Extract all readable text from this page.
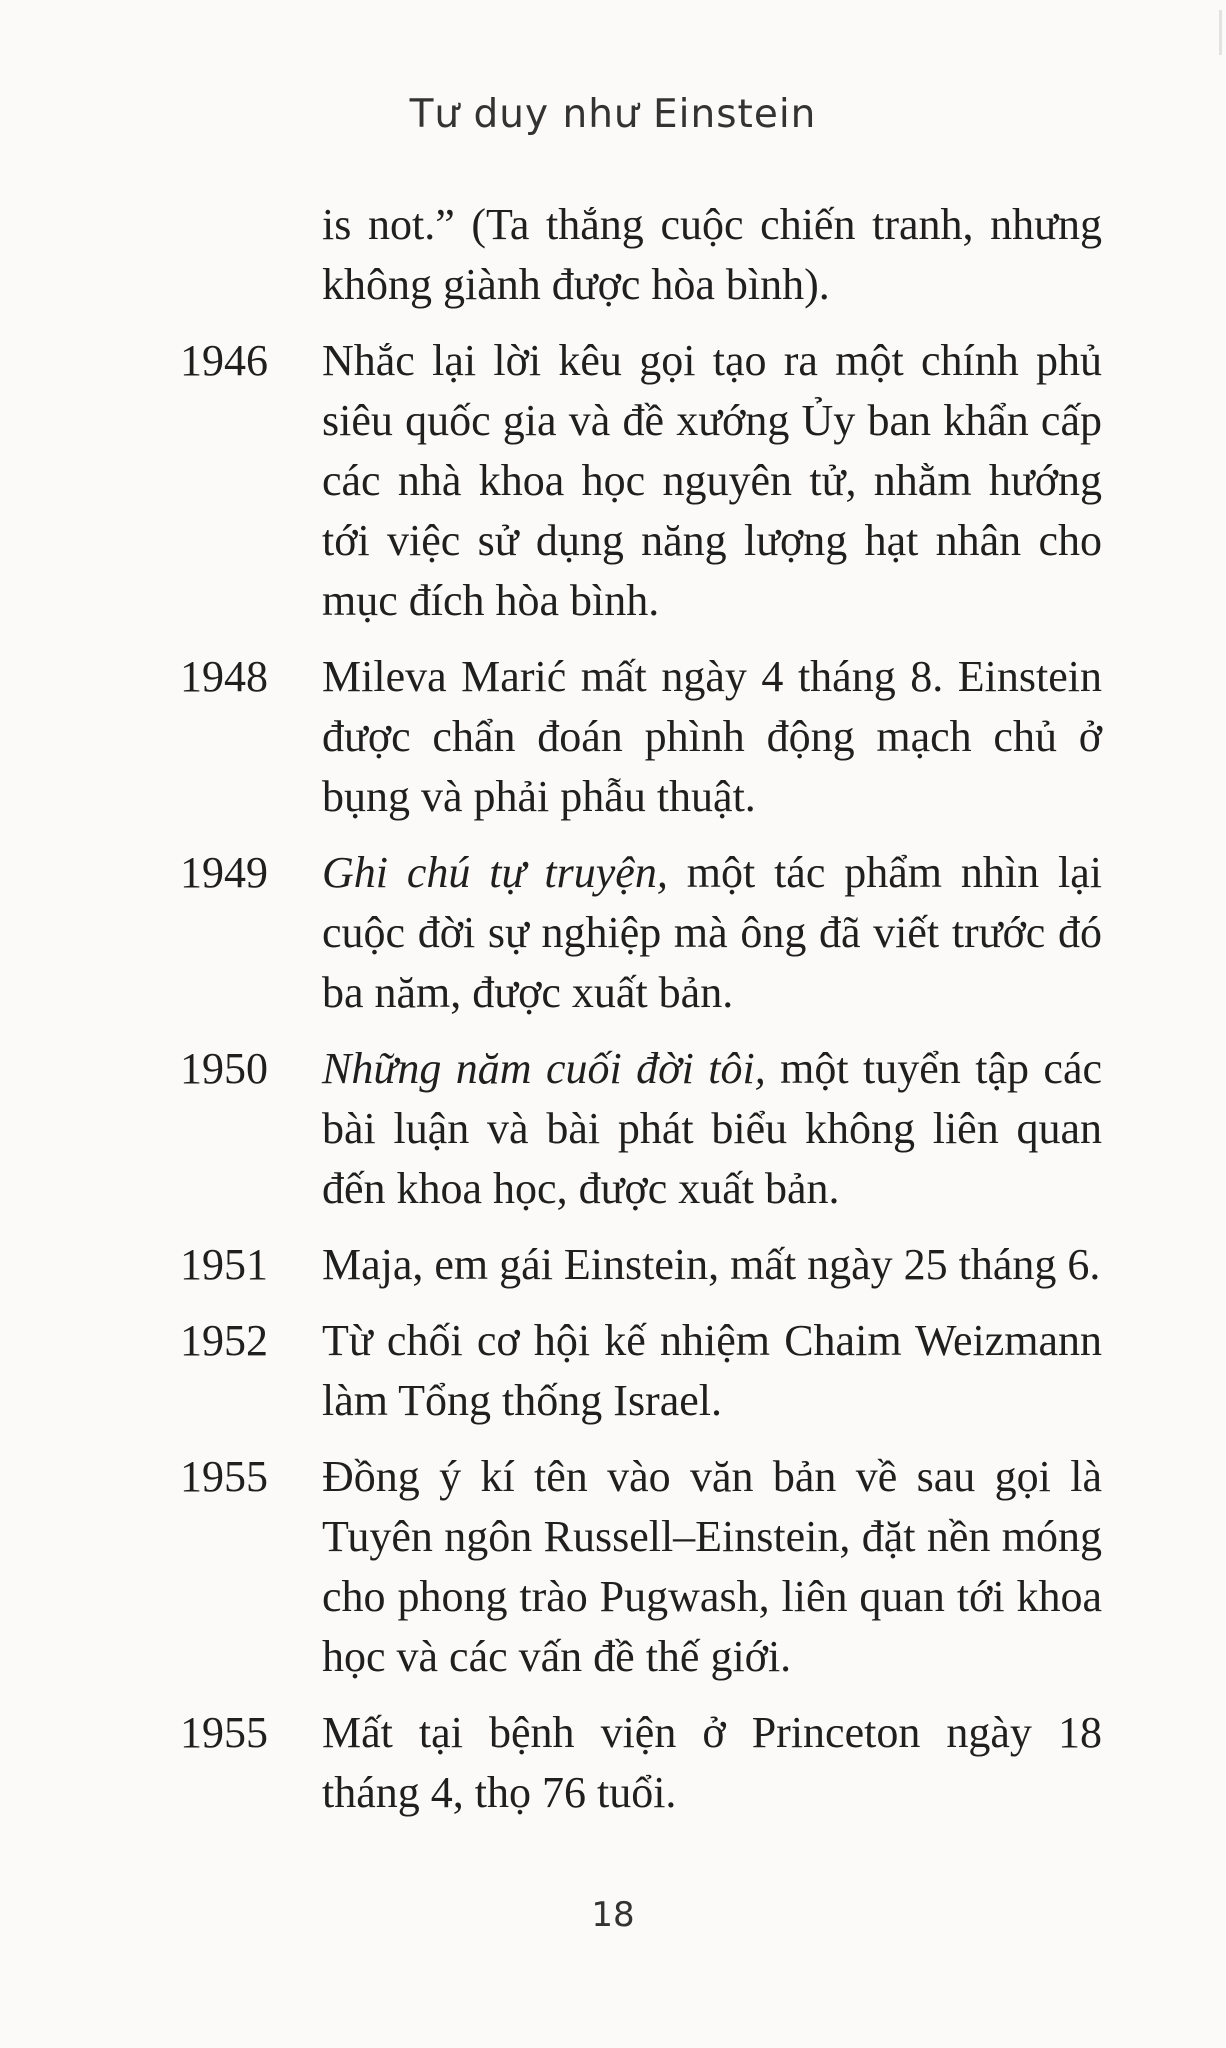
Tư duy như Einstein
is not.” (Ta thắng cuộc chiến tranh, nhưng không giành được hòa bình).
1946	Nhắc lại lời kêu gọi tạo ra một chính phủ siêu quốc gia và đề xướng Ủy ban khẩn cấp các nhà khoa học nguyên tử, nhằm hướng tới việc sử dụng năng lượng hạt nhân cho mục đích hòa bình.
1948	Mileva Marić mất ngày 4 tháng 8. Einstein được chẩn đoán phình động mạch chủ ở bụng và phải phẫu thuật.
1949	Ghi chú tự truyện, một tác phẩm nhìn lại cuộc đời sự nghiệp mà ông đã viết trước đó ba năm, được xuất bản.
1950	Những năm cuối đời tôi, một tuyển tập các bài luận và bài phát biểu không liên quan đến khoa học, được xuất bản.
1951	Maja, em gái Einstein, mất ngày 25 tháng 6.
1952	Từ chối cơ hội kế nhiệm Chaim Weizmann làm Tổng thống Israel.
1955	Đồng ý kí tên vào văn bản về sau gọi là Tuyên ngôn Russell–Einstein, đặt nền móng cho phong trào Pugwash, liên quan tới khoa học và các vấn đề thế giới.
1955	Mất tại bệnh viện ở Princeton ngày 18 tháng 4, thọ 76 tuổi.
18
